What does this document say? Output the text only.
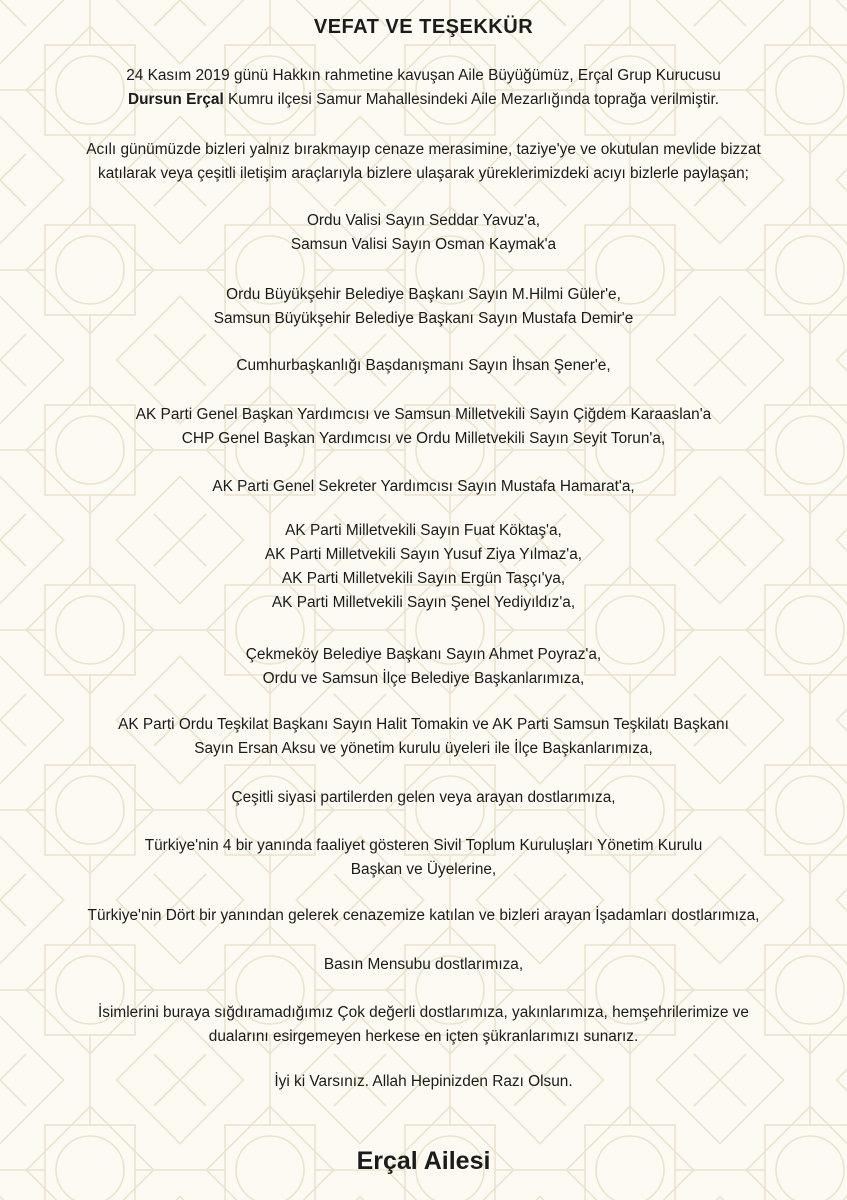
VEFAT VE TEŞEKKÜR
24 Kasım 2019 günü Hakkın rahmetine kavuşan Aile Büyüğümüz, Erçal Grup Kurucusu
Dursun Erçal Kumru ilçesi Samur Mahallesindeki Aile Mezarlığında toprağa verilmiştir.
Acılı günümüzde bizleri yalnız bırakmayıp cenaze merasimine, taziye'ye ve okutulan mevlide bizzat
katılarak veya çeşitli iletişim araçlarıyla bizlere ulaşarak yüreklerimizdeki acıyı bizlerle paylaşan;
Ordu Valisi Sayın Seddar Yavuz'a,
Samsun Valisi Sayın Osman Kaymak'a
Ordu Büyükşehir Belediye Başkanı Sayın M.Hilmi Güler'e,
Samsun Büyükşehir Belediye Başkanı Sayın Mustafa Demir'e
Cumhurbaşkanlığı Başdanışmanı Sayın İhsan Şener'e,
AK Parti Genel Başkan Yardımcısı ve Samsun Milletvekili Sayın Çiğdem Karaaslan'a
CHP Genel Başkan Yardımcısı ve Ordu Milletvekili Sayın Seyit Torun'a,
AK Parti Genel Sekreter Yardımcısı Sayın Mustafa Hamarat'a,
AK Parti Milletvekili Sayın Fuat Köktaş'a,
AK Parti Milletvekili Sayın Yusuf Ziya Yılmaz'a,
AK Parti Milletvekili Sayın Ergün Taşçı'ya,
AK Parti Milletvekili Sayın Şenel Yediyıldız'a,
Çekmeköy Belediye Başkanı Sayın Ahmet Poyraz'a,
Ordu ve Samsun İlçe Belediye Başkanlarımıza,
AK Parti Ordu Teşkilat Başkanı Sayın Halit Tomakin ve AK Parti Samsun Teşkilatı Başkanı
Sayın Ersan Aksu ve yönetim kurulu üyeleri ile İlçe Başkanlarımıza,
Çeşitli siyasi partilerden gelen veya arayan dostlarımıza,
Türkiye'nin 4 bir yanında faaliyet gösteren Sivil Toplum Kuruluşları Yönetim Kurulu
Başkan ve Üyelerine,
Türkiye'nin Dört bir yanından gelerek cenazemize katılan ve bizleri arayan İşadamları dostlarımıza,
Basın Mensubu dostlarımıza,
İsimlerini buraya sığdıramadığımız Çok değerli dostlarımıza, yakınlarımıza, hemşehrilerimize ve
dualarını esirgemeyen herkese en içten şükranlarımızı sunarız.
İyi ki Varsınız. Allah Hepinizden Razı Olsun.
Erçal Ailesi
